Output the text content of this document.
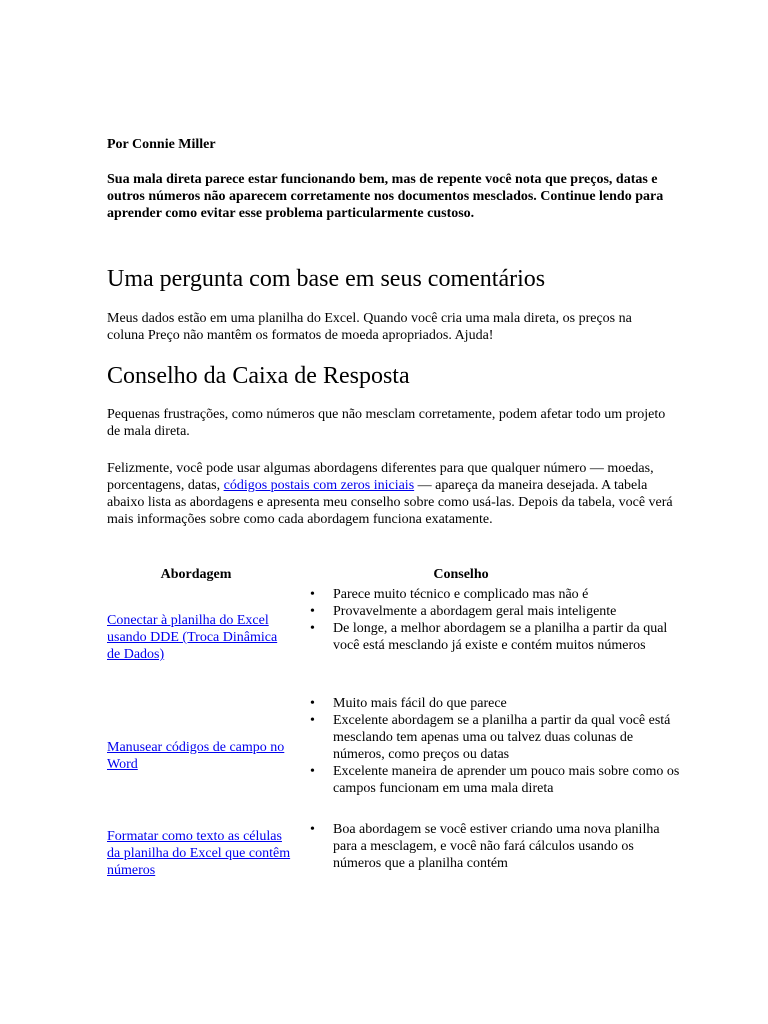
Por Connie Miller

Sua mala direta parece estar funcionando bem, mas de repente você nota que preços, datas e outros números não aparecem corretamente nos documentos mesclados. Continue lendo para aprender como evitar esse problema particularmente custoso.

Uma pergunta com base em seus comentários

Meus dados estão em uma planilha do Excel. Quando você cria uma mala direta, os preços na coluna Preço não mantêm os formatos de moeda apropriados. Ajuda!

Conselho da Caixa de Resposta

Pequenas frustrações, como números que não mesclam corretamente, podem afetar todo um projeto de mala direta.

Felizmente, você pode usar algumas abordagens diferentes para que qualquer número — moedas, porcentagens, datas, códigos postais com zeros iniciais — apareça da maneira desejada. A tabela abaixo lista as abordagens e apresenta meu conselho sobre como usá-las. Depois da tabela, você verá mais informações sobre como cada abordagem funciona exatamente.

Abordagem	Conselho
Conectar à planilha do Excel usando DDE (Troca Dinâmica de Dados)
• Parece muito técnico e complicado mas não é
• Provavelmente a abordagem geral mais inteligente
• De longe, a melhor abordagem se a planilha a partir da qual você está mesclando já existe e contém muitos números
Manusear códigos de campo no Word
• Muito mais fácil do que parece
• Excelente abordagem se a planilha a partir da qual você está mesclando tem apenas uma ou talvez duas colunas de números, como preços ou datas
• Excelente maneira de aprender um pouco mais sobre como os campos funcionam em uma mala direta
Formatar como texto as células da planilha do Excel que contêm números
• Boa abordagem se você estiver criando uma nova planilha para a mesclagem, e você não fará cálculos usando os números que a planilha contém
